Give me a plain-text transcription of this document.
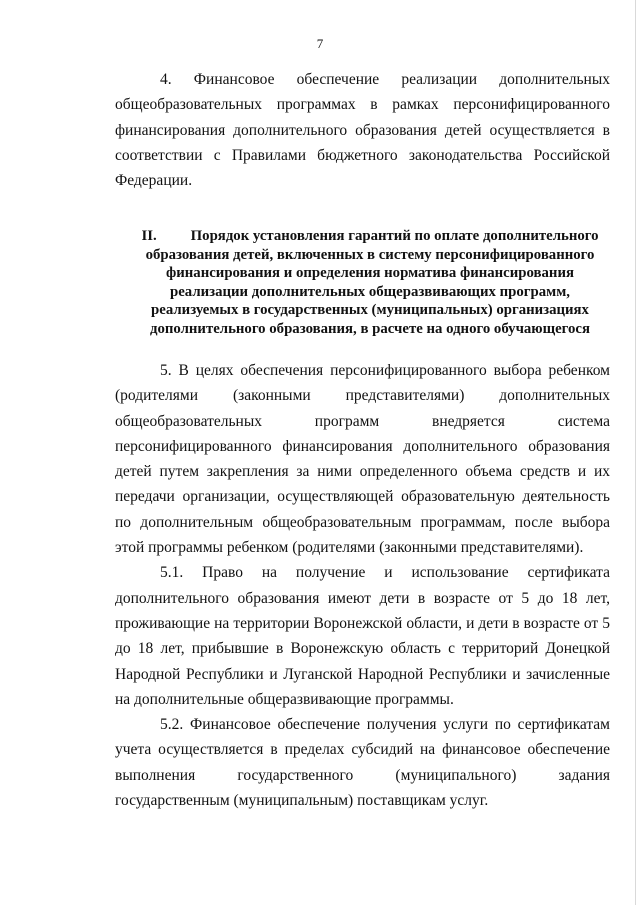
7

4. Финансовое обеспечение реализации дополнительных общеобразовательных программах в рамках персонифицированного финансирования дополнительного образования детей осуществляется в соответствии с Правилами бюджетного законодательства Российской Федерации.

II. Порядок установления гарантий по оплате дополнительного образования детей, включенных в систему персонифицированного финансирования и определения норматива финансирования реализации дополнительных общеразвивающих программ, реализуемых в государственных (муниципальных) организациях дополнительного образования, в расчете на одного обучающегося

5. В целях обеспечения персонифицированного выбора ребенком (родителями (законными представителями) дополнительных общеобразовательных программ внедряется система персонифицированного финансирования дополнительного образования детей путем закрепления за ними определенного объема средств и их передачи организации, осуществляющей образовательную деятельность по дополнительным общеобразовательным программам, после выбора этой программы ребенком (родителями (законными представителями).

5.1. Право на получение и использование сертификата дополнительного образования имеют дети в возрасте от 5 до 18 лет, проживающие на территории Воронежской области, и дети в возрасте от 5 до 18 лет, прибывшие в Воронежскую область с территорий Донецкой Народной Республики и Луганской Народной Республики и зачисленные на дополнительные общеразвивающие программы.

5.2. Финансовое обеспечение получения услуги по сертификатам учета осуществляется в пределах субсидий на финансовое обеспечение выполнения государственного (муниципального) задания государственным (муниципальным) поставщикам услуг.
